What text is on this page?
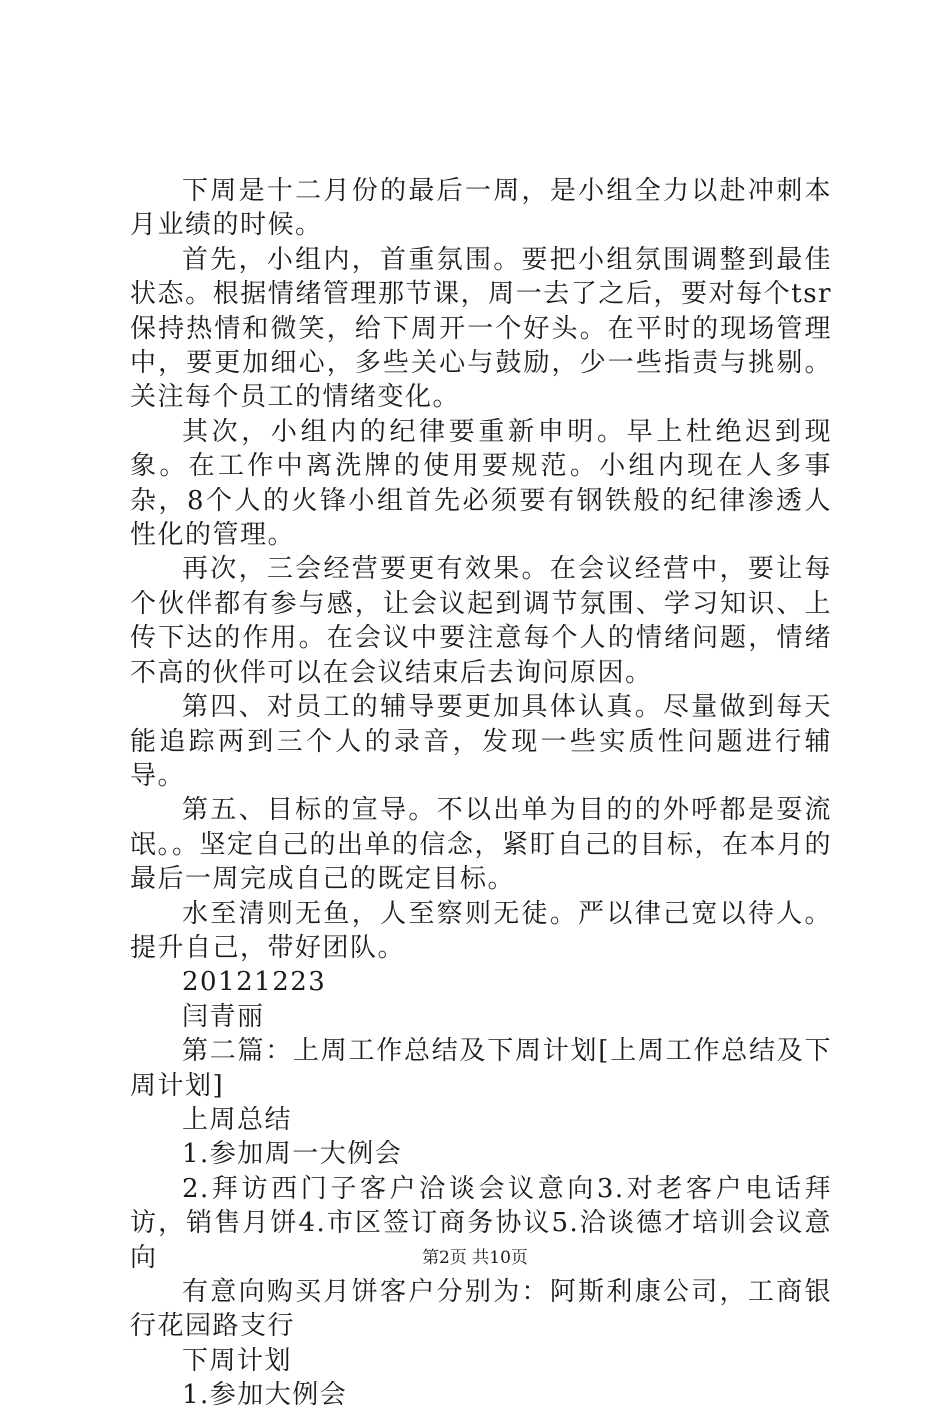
下周是十二月份的最后一周，是小组全力以赴冲刺本月业绩的时候。

首先，小组内，首重氛围。要把小组氛围调整到最佳状态。根据情绪管理那节课，周一去了之后，要对每个tsr保持热情和微笑，给下周开一个好头。在平时的现场管理中，要更加细心，多些关心与鼓励，少一些指责与挑剔。关注每个员工的情绪变化。

其次，小组内的纪律要重新申明。早上杜绝迟到现象。在工作中离洗牌的使用要规范。小组内现在人多事杂，8个人的火锋小组首先必须要有钢铁般的纪律渗透人性化的管理。

再次，三会经营要更有效果。在会议经营中，要让每个伙伴都有参与感，让会议起到调节氛围、学习知识、上传下达的作用。在会议中要注意每个人的情绪问题，情绪不高的伙伴可以在会议结束后去询问原因。

第四、对员工的辅导要更加具体认真。尽量做到每天能追踪两到三个人的录音，发现一些实质性问题进行辅导。

第五、目标的宣导。不以出单为目的的外呼都是耍流氓。。坚定自己的出单的信念，紧盯自己的目标，在本月的最后一周完成自己的既定目标。

水至清则无鱼，人至察则无徒。严以律己宽以待人。提升自己，带好团队。

20121223

闫青丽

第二篇：上周工作总结及下周计划[上周工作总结及下周计划]

上周总结

1.参加周一大例会

2.拜访西门子客户洽谈会议意向3.对老客户电话拜访，销售月饼4.市区签订商务协议5.洽谈德才培训会议意向

有意向购买月饼客户分别为：阿斯利康公司，工商银行花园路支行

下周计划

1.参加大例会

第2页 共10页
